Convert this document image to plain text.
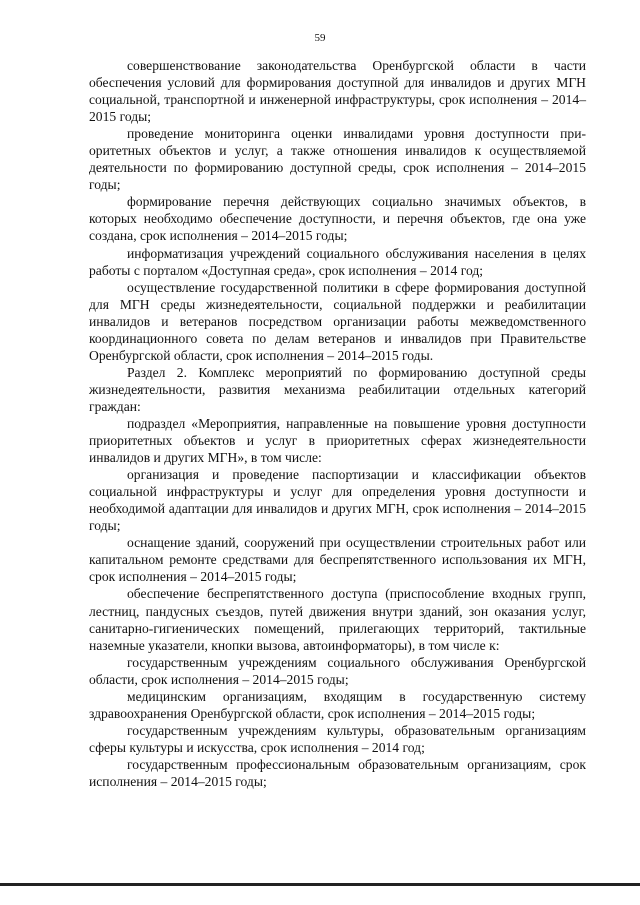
59

совершенствование законодательства Оренбургской области в части обеспечения условий для формирования доступной для инвалидов и других МГН социальной, транспортной и инженерной инфраструктуры, срок исполнения – 2014–2015 годы;

проведение мониторинга оценки инвалидами уровня доступности приоритетных объектов и услуг, а также отношения инвалидов к осуществляемой деятельности по формированию доступной среды, срок исполнения – 2014–2015 годы;

формирование перечня действующих социально значимых объектов, в которых необходимо обеспечение доступности, и перечня объектов, где она уже создана, срок исполнения – 2014–2015 годы;

информатизация учреждений социального обслуживания населения в целях работы с порталом «Доступная среда», срок исполнения – 2014 год;

осуществление государственной политики в сфере формирования доступной для МГН среды жизнедеятельности, социальной поддержки и реабилитации инвалидов и ветеранов посредством организации работы межведомственного координационного совета по делам ветеранов и инвалидов при Правительстве Оренбургской области, срок исполнения – 2014–2015 годы.

Раздел 2. Комплекс мероприятий по формированию доступной среды жизнедеятельности, развития механизма реабилитации отдельных категорий граждан:

подраздел «Мероприятия, направленные на повышение уровня доступности приоритетных объектов и услуг в приоритетных сферах жизнедеятельности инвалидов и других МГН», в том числе:

организация и проведение паспортизации и классификации объектов социальной инфраструктуры и услуг для определения уровня доступности и необходимой адаптации для инвалидов и других МГН, срок исполнения – 2014–2015 годы;

оснащение зданий, сооружений при осуществлении строительных работ или капитальном ремонте средствами для беспрепятственного использования их МГН, срок исполнения – 2014–2015 годы;

обеспечение беспрепятственного доступа (приспособление входных групп, лестниц, пандусных съездов, путей движения внутри зданий, зон оказания услуг, санитарно-гигиенических помещений, прилегающих территорий, тактильные наземные указатели, кнопки вызова, автоинформаторы), в том числе к:

государственным учреждениям социального обслуживания Оренбургской области, срок исполнения – 2014–2015 годы;

медицинским организациям, входящим в государственную систему здравоохранения Оренбургской области, срок исполнения – 2014–2015 годы;

государственным учреждениям культуры, образовательным организациям сферы культуры и искусства, срок исполнения – 2014 год;

государственным профессиональным образовательным организациям, срок исполнения – 2014–2015 годы;
